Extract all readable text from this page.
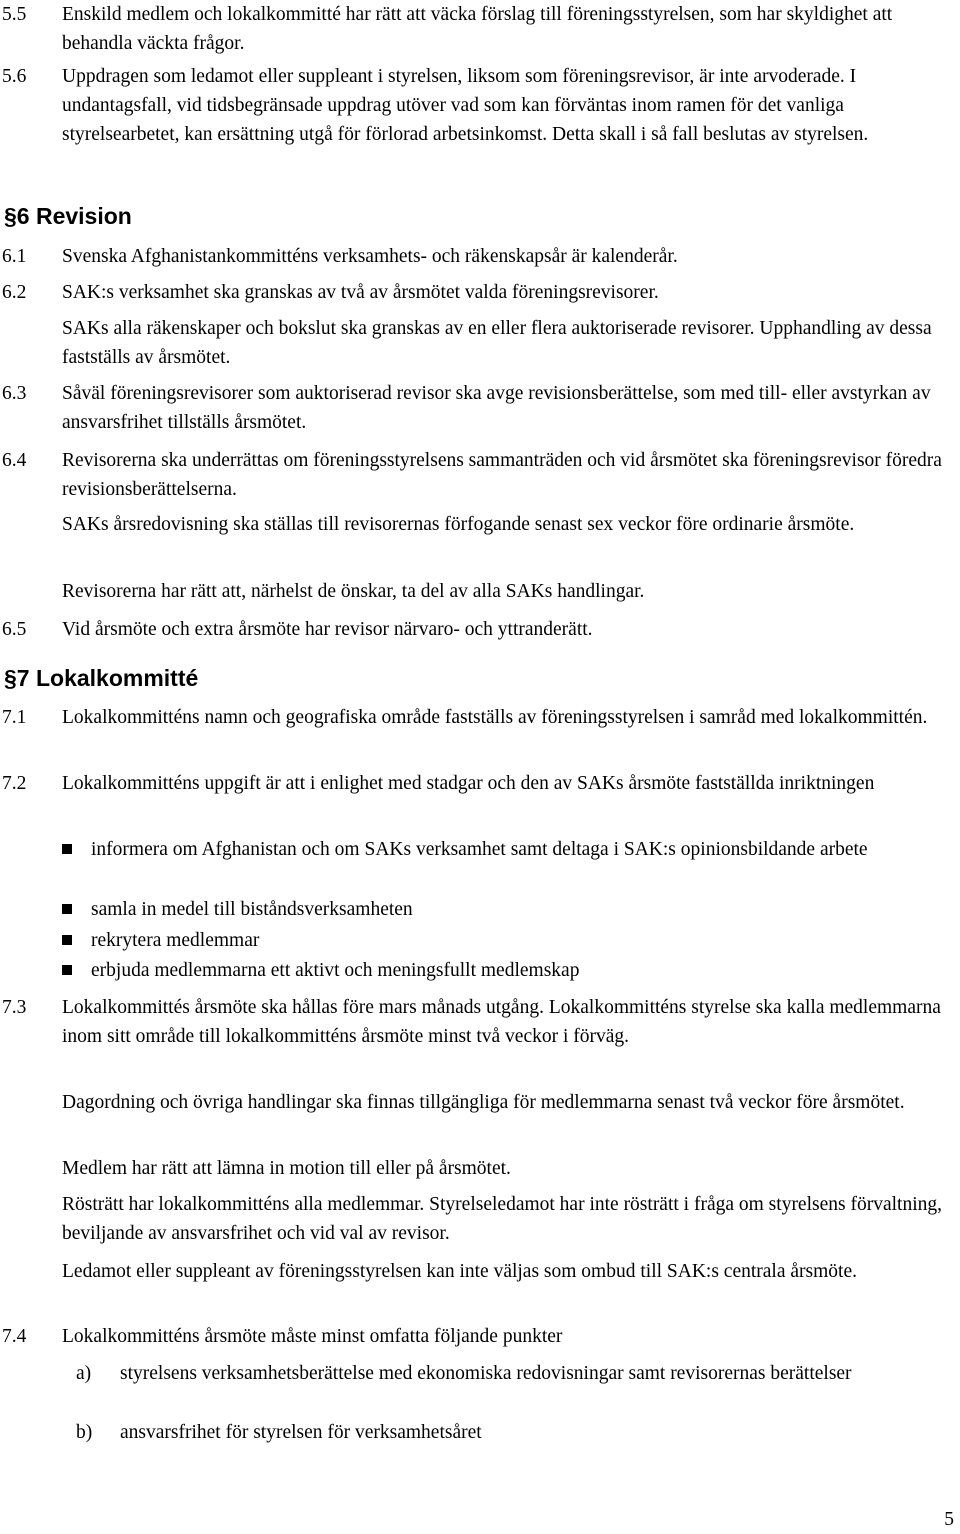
5.5 Enskild medlem och lokalkommitté har rätt att väcka förslag till föreningsstyrelsen, som har skyldighet att behandla väckta frågor.
5.6 Uppdragen som ledamot eller suppleant i styrelsen, liksom som föreningsrevisor, är inte arvoderade. I undantagsfall, vid tidsbegränsade uppdrag utöver vad som kan förväntas inom ramen för det vanliga styrelsearbetet, kan ersättning utgå för förlorad arbetsinkomst. Detta skall i så fall beslutas av styrelsen.
§6 Revision
6.1 Svenska Afghanistankommitténs verksamhets- och räkenskapsår är kalenderår.
6.2 SAK:s verksamhet ska granskas av två av årsmötet valda föreningsrevisorer.
SAKs alla räkenskaper och bokslut ska granskas av en eller flera auktoriserade revisorer. Upphandling av dessa fastställs av årsmötet.
6.3 Såväl föreningsrevisorer som auktoriserad revisor ska avge revisionsberättelse, som med till- eller avstyrkan av ansvarsfrihet tillställs årsmötet.
6.4 Revisorerna ska underrättas om föreningsstyrelsens sammanträden och vid årsmötet ska föreningsrevisor föredra revisionsberättelserna.
SAKs årsredovisning ska ställas till revisorernas förfogande senast sex veckor före ordinarie årsmöte.
Revisorerna har rätt att, närhelst de önskar, ta del av alla SAKs handlingar.
6.5 Vid årsmöte och extra årsmöte har revisor närvaro- och yttranderätt.
§7 Lokalkommitté
7.1 Lokalkommitténs namn och geografiska område fastställs av föreningsstyrelsen i samråd med lokalkommittén.
7.2 Lokalkommitténs uppgift är att i enlighet med stadgar och den av SAKs årsmöte fastställda inriktningen
informera om Afghanistan och om SAKs verksamhet samt deltaga i SAK:s opinionsbildande arbete
samla in medel till biståndsverksamheten
rekrytera medlemmar
erbjuda medlemmarna ett aktivt och meningsfullt medlemskap
7.3 Lokalkommittés årsmöte ska hållas före mars månads utgång. Lokalkommitténs styrelse ska kalla medlemmarna inom sitt område till lokalkommitténs årsmöte minst två veckor i förväg.
Dagordning och övriga handlingar ska finnas tillgängliga för medlemmarna senast två veckor före årsmötet.
Medlem har rätt att lämna in motion till eller på årsmötet.
Rösträtt har lokalkommitténs alla medlemmar. Styrelseledamot har inte rösträtt i fråga om styrelsens förvaltning, beviljande av ansvarsfrihet och vid val av revisor.
Ledamot eller suppleant av föreningsstyrelsen kan inte väljas som ombud till SAK:s centrala årsmöte.
7.4 Lokalkommitténs årsmöte måste minst omfatta följande punkter
a) styrelsens verksamhetsberättelse med ekonomiska redovisningar samt revisorernas berättelser
b) ansvarsfrihet för styrelsen för verksamhetsåret
5
